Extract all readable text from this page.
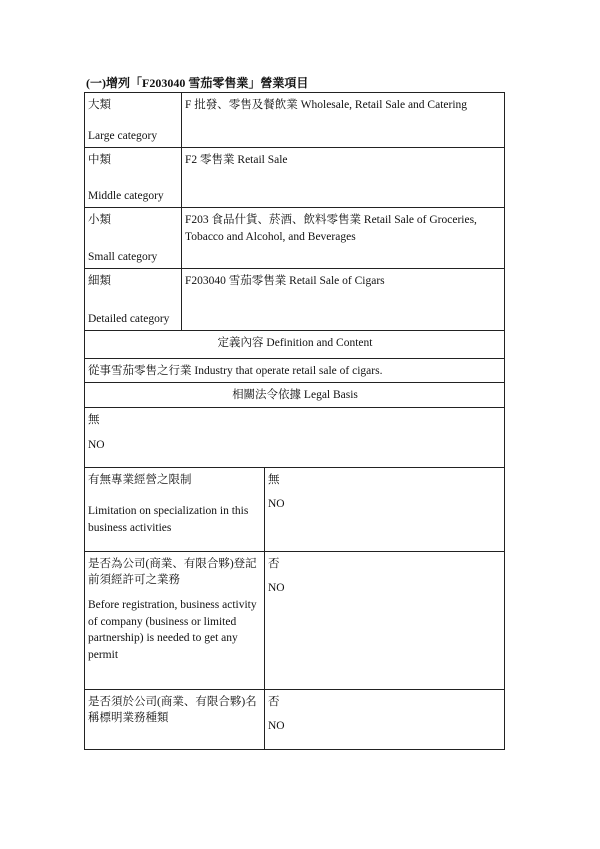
(一)增列「F203040 雪茄零售業」營業項目
大類
Large category	F 批發、零售及餐飲業 Wholesale, Retail Sale and Catering	

中類
Middle category	F2 零售業 Retail Sale	

小類
Small category	F203 食品什貨、菸酒、飲料零售業 Retail Sale of Groceries, Tobacco and Alcohol, and Beverages	

細類
Detailed category	F203040 雪茄零售業 Retail Sale of Cigars	
定義內容 Definition and Content		
從事雪茄零售之行業 Industry that operate retail sale of cigars.		
相關法令依據 Legal Basis		

無
NO		

有無專業經營之限制
Limitation on specialization in this business activities		無
NO

是否為公司(商業、有限合夥)登記前須經許可之業務
Before registration, business activity of company (business or limited partnership) is needed to get any permit		否
NO

是否須於公司(商業、有限合夥)名稱標明業務種類		否
NO
